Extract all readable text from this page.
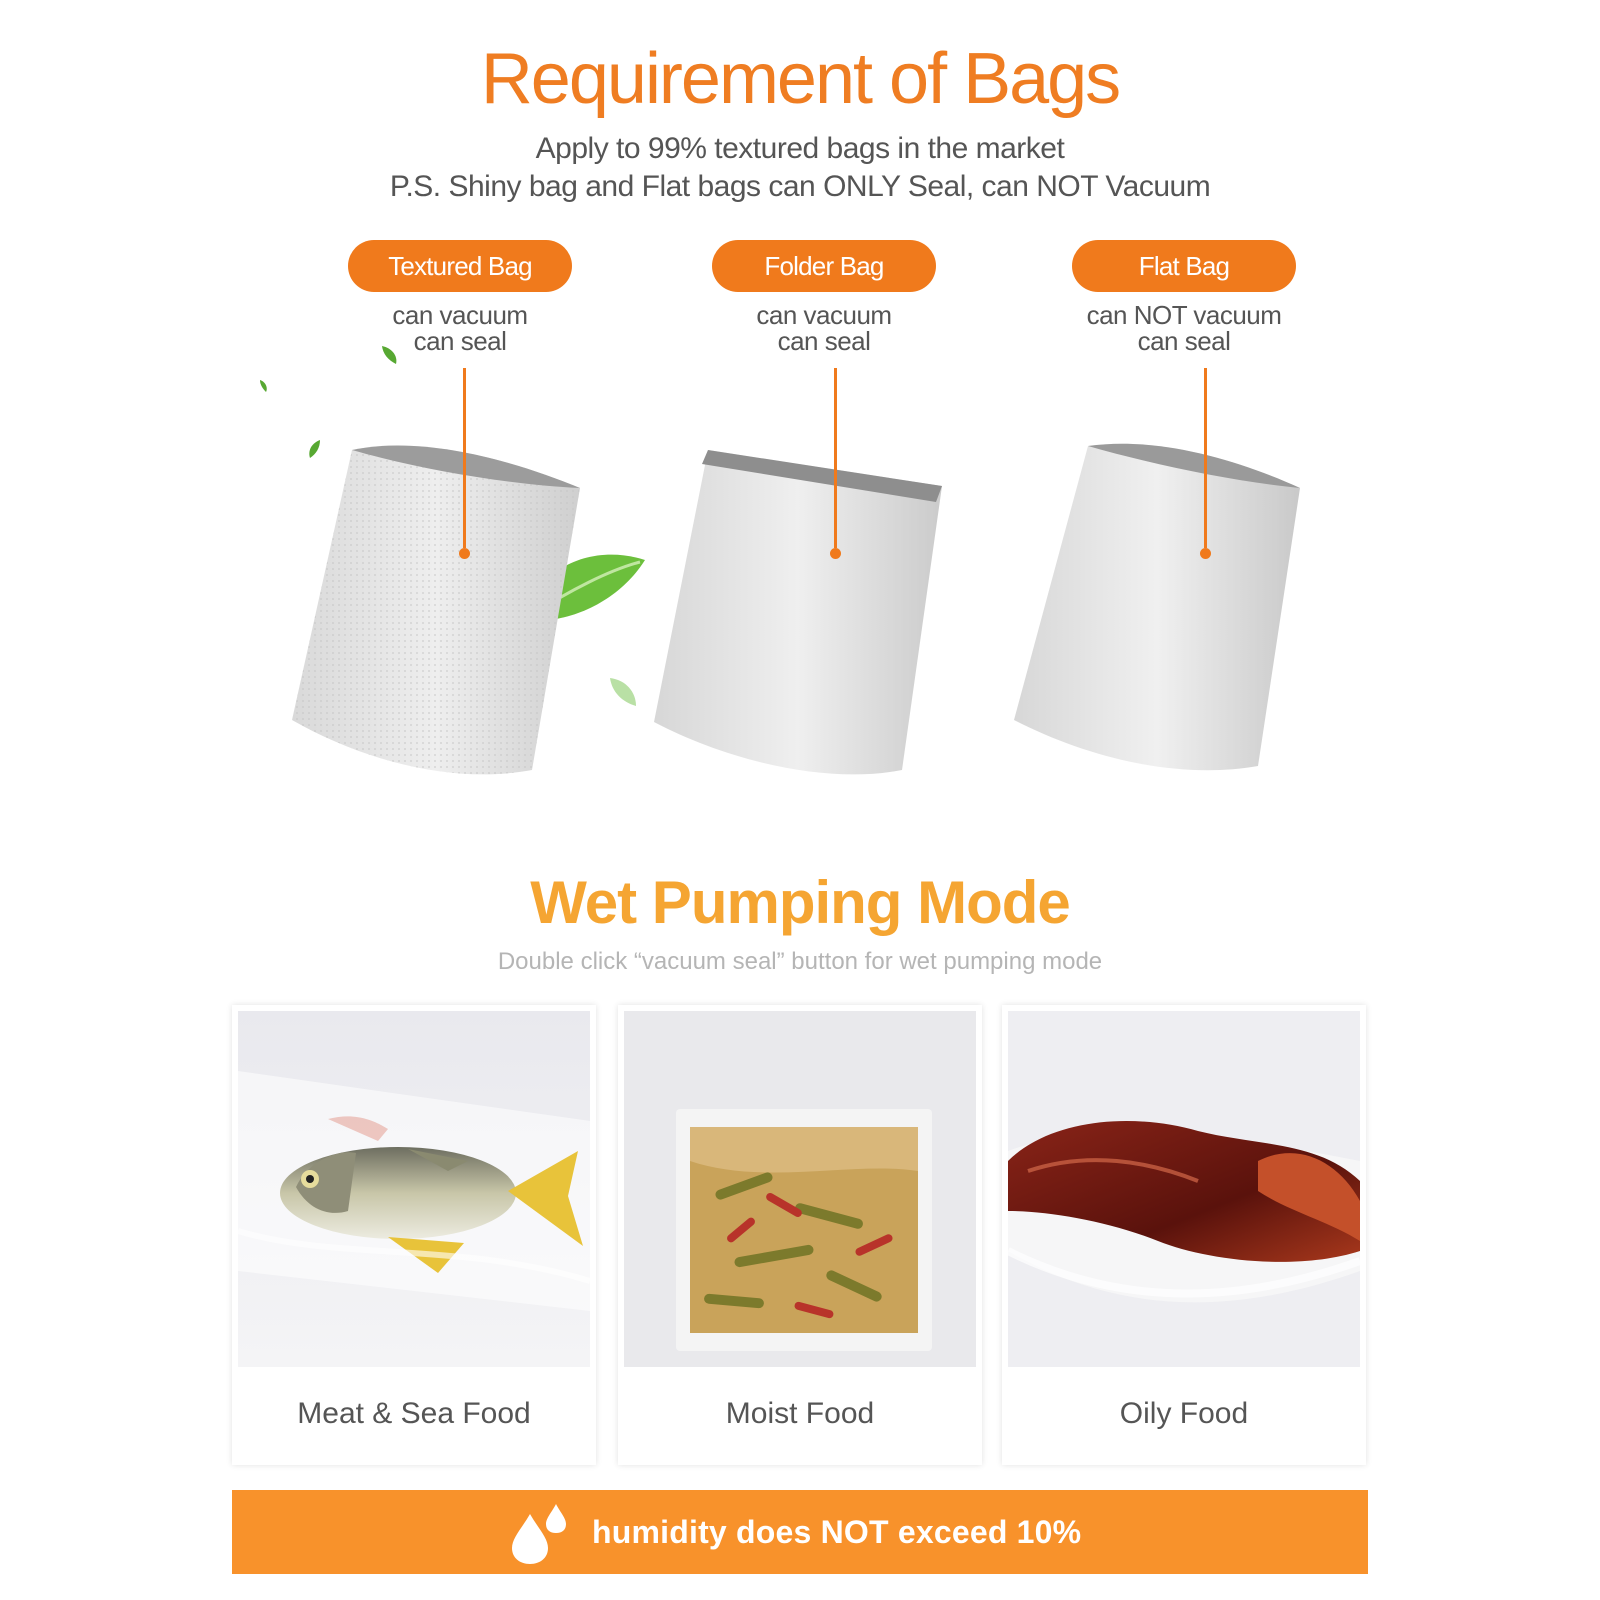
Requirement of Bags
Apply to 99% textured bags in the market
P.S. Shiny bag and Flat bags can ONLY Seal, can NOT Vacuum
Textured Bag
can vacuum
can seal
Folder Bag
can vacuum
can seal
Flat Bag
can NOT vacuum
can seal
Wet Pumping Mode
Double click “vacuum seal” button for wet pumping mode
Meat & Sea Food	Moist Food	Oily Food
humidity does NOT exceed 10%
